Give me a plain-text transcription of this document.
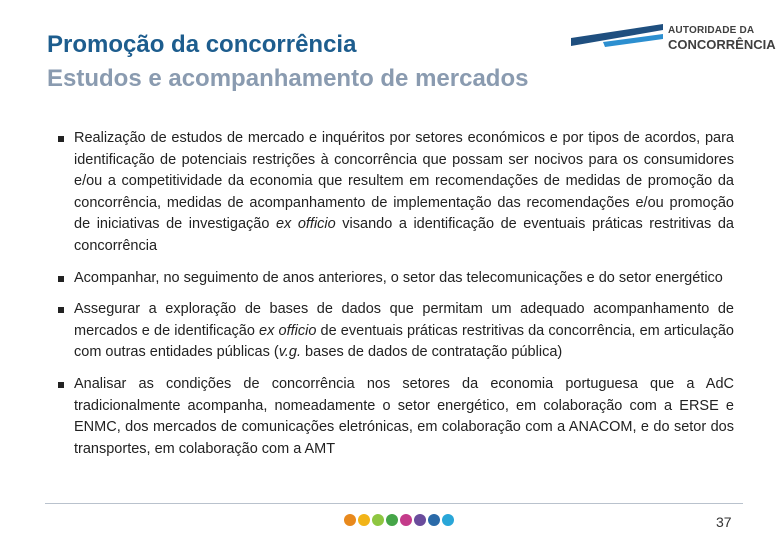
Promoção da concorrência
Estudos e acompanhamento de mercados
AUTORIDADE DA
CONCORRÊNCIA
Realização de estudos de mercado e inquéritos por setores económicos e por tipos de acordos, para identificação de potenciais restrições à concorrência que possam ser nocivos para os consumidores e/ou a competitividade da economia que resultem em recomendações de medidas de promoção da concorrência, medidas de acompanhamento de implementação das recomendações e/ou promoção de iniciativas de investigação ex officio visando a identificação de eventuais práticas restritivas da concorrência
Acompanhar, no seguimento de anos anteriores, o setor das telecomunicações e do setor energético
Assegurar a exploração de bases de dados que permitam um adequado acompanhamento de mercados e de identificação ex officio de eventuais práticas restritivas da concorrência, em articulação com outras entidades públicas (v.g. bases de dados de contratação pública)
Analisar as condições de concorrência nos setores da economia portuguesa que a AdC tradicionalmente acompanha, nomeadamente o setor energético, em colaboração com a ERSE e ENMC, dos mercados de comunicações eletrónicas, em colaboração com a ANACOM, e do setor dos transportes, em colaboração com a AMT
37
